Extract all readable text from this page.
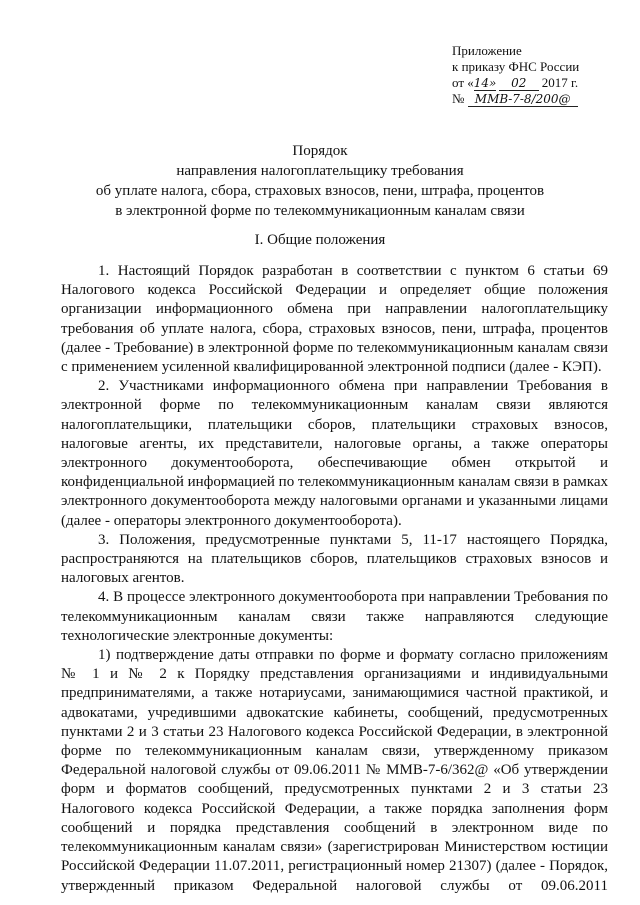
Приложение
к приказу ФНС России
от «14» 02 2017 г.
№ ММВ-7-8/200@
Порядок
направления налогоплательщику требования
об уплате налога, сбора, страховых взносов, пени, штрафа, процентов
в электронной форме по телекоммуникационным каналам связи
I. Общие положения

1. Настоящий Порядок разработан в соответствии с пунктом 6 статьи 69 Налогового кодекса Российской Федерации и определяет общие положения организации информационного обмена при направлении налогоплательщику требования об уплате налога, сбора, страховых взносов, пени, штрафа, процентов (далее - Требование) в электронной форме по телекоммуникационным каналам связи с применением усиленной квалифицированной электронной подписи (далее - КЭП).

2. Участниками информационного обмена при направлении Требования в электронной форме по телекоммуникационным каналам связи являются налогоплательщики, плательщики сборов, плательщики страховых взносов, налоговые агенты, их представители, налоговые органы, а также операторы электронного документооборота, обеспечивающие обмен открытой и конфиденциальной информацией по телекоммуникационным каналам связи в рамках электронного документооборота между налоговыми органами и указанными лицами (далее - операторы электронного документооборота).

3. Положения, предусмотренные пунктами 5, 11-17 настоящего Порядка, распространяются на плательщиков сборов, плательщиков страховых взносов и налоговых агентов.

4. В процессе электронного документооборота при направлении Требования по телекоммуникационным каналам связи также направляются следующие технологические электронные документы:

1) подтверждение даты отправки по форме и формату согласно приложениям № 1 и № 2 к Порядку представления организациями и индивидуальными предпринимателями, а также нотариусами, занимающимися частной практикой, и адвокатами, учредившими адвокатские кабинеты, сообщений, предусмотренных пунктами 2 и 3 статьи 23 Налогового кодекса Российской Федерации, в электронной форме по телекоммуникационным каналам связи, утвержденному приказом Федеральной налоговой службы от 09.06.2011 № ММВ-7-6/362@ «Об утверждении форм и форматов сообщений, предусмотренных пунктами 2 и 3 статьи 23 Налогового кодекса Российской Федерации, а также порядка заполнения форм сообщений и порядка представления сообщений в электронном виде по телекоммуникационным каналам связи» (зарегистрирован Министерством юстиции Российской Федерации 11.07.2011, регистрационный номер 21307) (далее - Порядок, утвержденный приказом Федеральной налоговой службы от 09.06.2011
